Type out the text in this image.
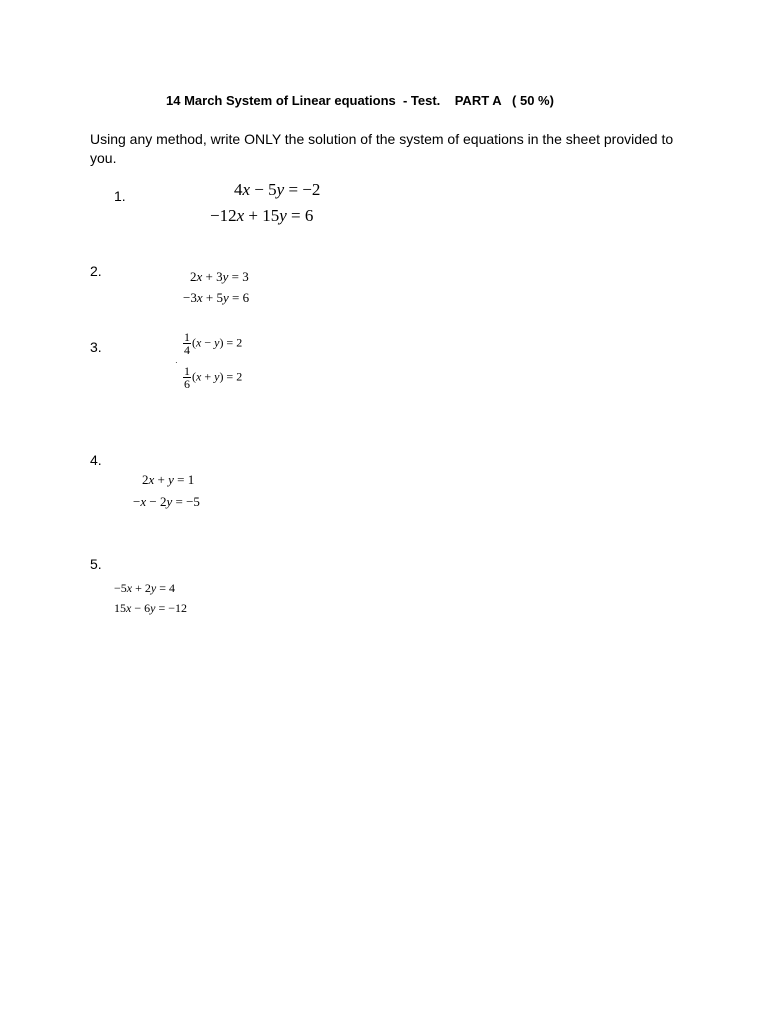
14 March System of Linear equations  - Test.    PART A   ( 50 %)
Using any method, write ONLY the solution of the system of equations in the sheet provided to you.
1.	4x − 5y = −2
−12x + 15y = 6
2.	2x + 3y = 3
−3x + 5y = 6
3.	$\frac{1}{4} (x - y) = 2$
·
$\frac{1}{6} (x + y) = 2$
4.
2x + y = 1
−x − 2y = −5
5.
−5x + 2y = 4
15x − 6y = −12
